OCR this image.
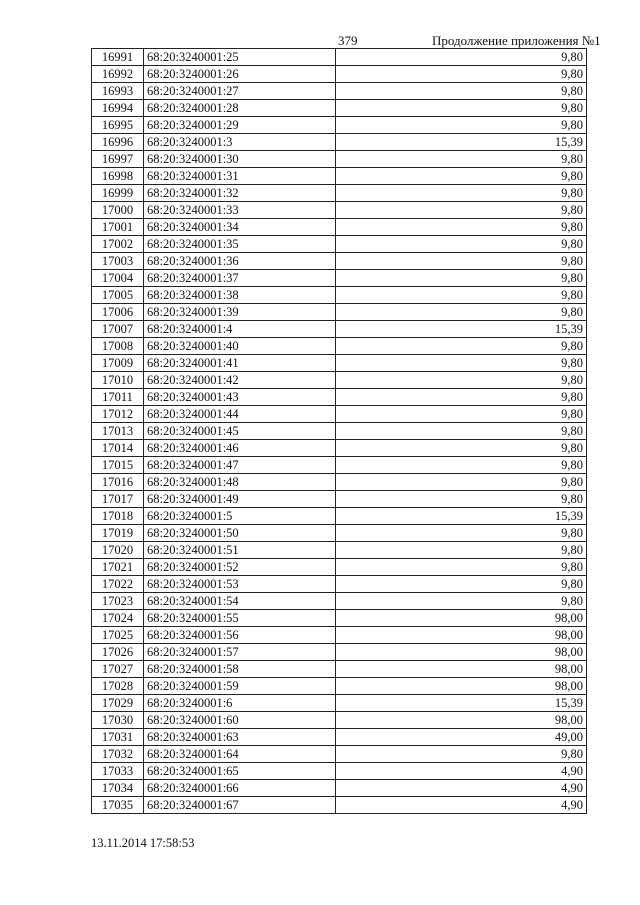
379	Продолжение приложения №1
16991	68:20:3240001:25	9,80
16992	68:20:3240001:26	9,80
16993	68:20:3240001:27	9,80
16994	68:20:3240001:28	9,80
16995	68:20:3240001:29	9,80
16996	68:20:3240001:3	15,39
16997	68:20:3240001:30	9,80
16998	68:20:3240001:31	9,80
16999	68:20:3240001:32	9,80
17000	68:20:3240001:33	9,80
17001	68:20:3240001:34	9,80
17002	68:20:3240001:35	9,80
17003	68:20:3240001:36	9,80
17004	68:20:3240001:37	9,80
17005	68:20:3240001:38	9,80
17006	68:20:3240001:39	9,80
17007	68:20:3240001:4	15,39
17008	68:20:3240001:40	9,80
17009	68:20:3240001:41	9,80
17010	68:20:3240001:42	9,80
17011	68:20:3240001:43	9,80
17012	68:20:3240001:44	9,80
17013	68:20:3240001:45	9,80
17014	68:20:3240001:46	9,80
17015	68:20:3240001:47	9,80
17016	68:20:3240001:48	9,80
17017	68:20:3240001:49	9,80
17018	68:20:3240001:5	15,39
17019	68:20:3240001:50	9,80
17020	68:20:3240001:51	9,80
17021	68:20:3240001:52	9,80
17022	68:20:3240001:53	9,80
17023	68:20:3240001:54	9,80
17024	68:20:3240001:55	98,00
17025	68:20:3240001:56	98,00
17026	68:20:3240001:57	98,00
17027	68:20:3240001:58	98,00
17028	68:20:3240001:59	98,00
17029	68:20:3240001:6	15,39
17030	68:20:3240001:60	98,00
17031	68:20:3240001:63	49,00
17032	68:20:3240001:64	9,80
17033	68:20:3240001:65	4,90
17034	68:20:3240001:66	4,90
17035	68:20:3240001:67	4,90
13.11.2014 17:58:53
